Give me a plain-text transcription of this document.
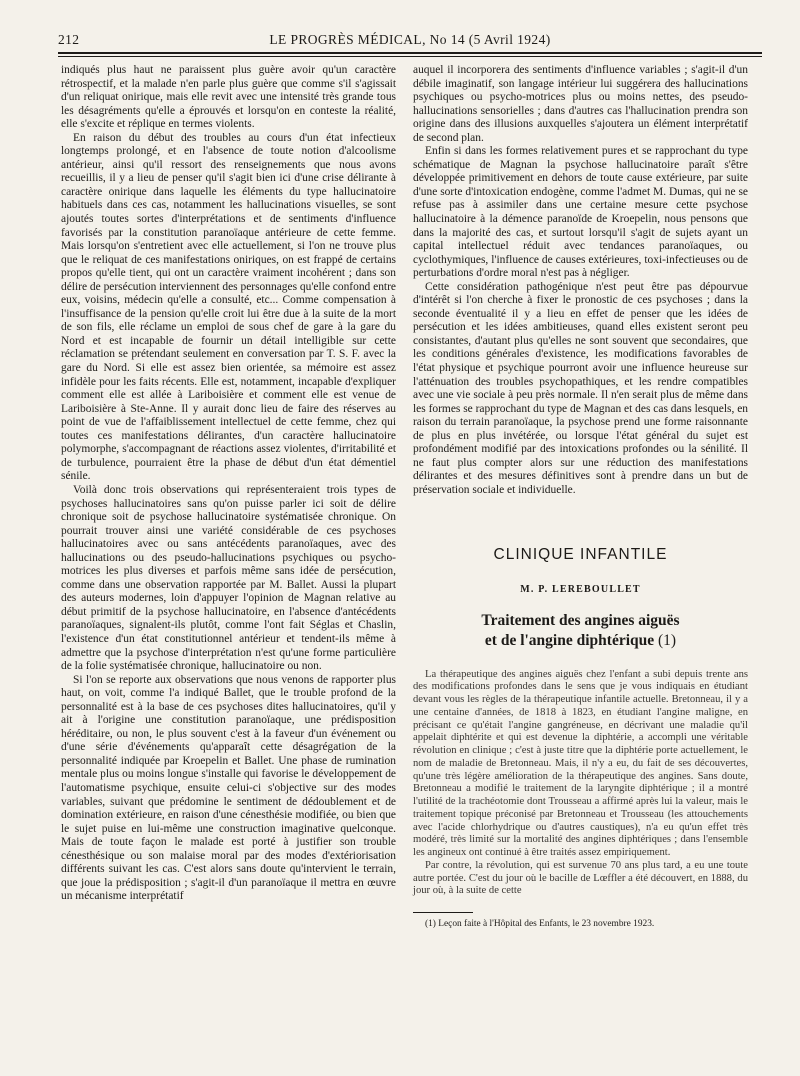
212	LE PROGRÈS MÉDICAL, No 14 (5 Avril 1924)

indiqués plus haut ne paraissent plus guère avoir qu'un caractère rétrospectif, et la malade n'en parle plus guère que comme s'il s'agissait d'un reliquat onirique, mais elle revit avec une intensité très grande tous les désagréments qu'elle a éprouvés et lorsqu'on en conteste la réalité, elle s'excite et réplique en termes violents.

En raison du début des troubles au cours d'un état infectieux longtemps prolongé, et en l'absence de toute notion d'alcoolisme antérieur, ainsi qu'il ressort des renseignements que nous avons recueillis, il y a lieu de penser qu'il s'agit bien ici d'une crise délirante à caractère onirique dans laquelle les éléments du type hallucinatoire habituels dans ces cas, notamment les hallucinations visuelles, se sont ajoutés toutes sortes d'interprétations et de sentiments d'influence favorisés par la constitution paranoïaque antérieure de cette femme. Mais lorsqu'on s'entretient avec elle actuellement, si l'on ne trouve plus que le reliquat de ces manifestations oniriques, on est frappé de certains propos qu'elle tient, qui ont un caractère vraiment incohérent ; dans son délire de persécution interviennent des personnages qu'elle confond entre eux, voisins, médecin qu'elle a consulté, etc... Comme compensation à l'insuffisance de la pension qu'elle croit lui être due à la suite de la mort de son fils, elle réclame un emploi de sous chef de gare à la gare du Nord et est incapable de fournir un détail intelligible sur cette réclamation se prétendant seulement en conversation par T. S. F. avec la gare du Nord. Si elle est assez bien orientée, sa mémoire est assez infidèle pour les faits récents. Elle est, notamment, incapable d'expliquer comment elle est allée à Lariboisière et comment elle est venue de Lariboisière à Ste-Anne. Il y aurait donc lieu de faire des réserves au point de vue de l'affaiblissement intellectuel de cette femme, chez qui toutes ces manifestations délirantes, d'un caractère hallucinatoire polymorphe, s'accompagnant de réactions assez violentes, d'irritabilité et de turbulence, pourraient être la phase de début d'un état démentiel sénile.

Voilà donc trois observations qui représenteraient trois types de psychoses hallucinatoires sans qu'on puisse parler ici soit de délire chronique soit de psychose hallucinatoire systématisée chronique. On pourrait trouver ainsi une variété considérable de ces psychoses hallucinatoires avec ou sans antécédents paranoïaques, avec des hallucinations ou des pseudo-hallucinations psychiques ou psycho-motrices les plus diverses et parfois même sans idée de persécution, comme dans une observation rapportée par M. Ballet. Aussi la plupart des auteurs modernes, loin d'appuyer l'opinion de Magnan relative au début primitif de la psychose hallucinatoire, en l'absence d'antécédents paranoïaques, signalent-ils plutôt, comme l'ont fait Séglas et Chaslin, l'existence d'un état constitutionnel antérieur et tendent-ils même à admettre que la psychose d'interprétation n'est qu'une forme particulière de la folie systématisée chronique, hallucinatoire ou non.

Si l'on se reporte aux observations que nous venons de rapporter plus haut, on voit, comme l'a indiqué Ballet, que le trouble profond de la personnalité est à la base de ces psychoses dites hallucinatoires, qu'il y ait à l'origine une constitution paranoïaque, une prédisposition héréditaire, ou non, le plus souvent c'est à la faveur d'un événement ou d'une série d'événements qu'apparaît cette désagrégation de la personnalité indiquée par Kroepelin et Ballet. Une phase de rumination mentale plus ou moins longue s'installe qui favorise le développement de l'automatisme psychique, ensuite celui-ci s'objective sur des modes variables, suivant que prédomine le sentiment de dédoublement et de domination extérieure, en raison d'une cénesthésie modifiée, ou bien que le sujet puise en lui-même une construction imaginative quelconque. Mais de toute façon le malade est porté à justifier son trouble cénesthésique ou son malaise moral par des modes d'extériorisation différents suivant les cas. C'est alors sans doute qu'intervient le terrain, que joue la prédisposition ; s'agit-il d'un paranoïaque il mettra en œuvre un mécanisme interprétatif

auquel il incorporera des sentiments d'influence variables ; s'agit-il d'un débile imaginatif, son langage intérieur lui suggérera des hallucinations psychiques ou psycho-motrices plus ou moins nettes, des pseudo-hallucinations sensorielles ; dans d'autres cas l'hallucination prendra son origine dans des illusions auxquelles s'ajoutera un élément interprétatif de second plan.

Enfin si dans les formes relativement pures et se rapprochant du type schématique de Magnan la psychose hallucinatoire paraît s'être développée primitivement en dehors de toute cause extérieure, par suite d'une sorte d'intoxication endogène, comme l'admet M. Dumas, qui ne se refuse pas à assimiler dans une certaine mesure cette psychose hallucinatoire à la démence paranoïde de Kroepelin, nous pensons que dans la majorité des cas, et surtout lorsqu'il s'agit de sujets ayant un capital intellectuel réduit avec tendances paranoïaques, ou cyclothymiques, l'influence de causes extérieures, toxi-infectieuses ou de perturbations d'ordre moral n'est pas à négliger.

Cette considération pathogénique n'est peut être pas dépourvue d'intérêt si l'on cherche à fixer le pronostic de ces psychoses ; dans la seconde éventualité il y a lieu en effet de penser que les idées de persécution et les idées ambitieuses, quand elles existent seront peu consistantes, d'autant plus qu'elles ne sont souvent que secondaires, que les conditions générales d'existence, les modifications favorables de l'état physique et psychique pourront avoir une influence heureuse sur l'atténuation des troubles psychopathiques, et les rendre compatibles avec une vie sociale à peu près normale. Il n'en serait plus de même dans les formes se rapprochant du type de Magnan et des cas dans lesquels, en raison du terrain paranoïaque, la psychose prend une forme raisonnante de plus en plus invétérée, ou lorsque l'état général du sujet est profondément modifié par des intoxications profondes ou la sénilité. Il ne faut plus compter alors sur une réduction des manifestations délirantes et des mesures définitives sont à prendre dans un but de préservation sociale et individuelle.

CLINIQUE INFANTILE
M. P. LEREBOULLET
Traitement des angines aiguës
et de l'angine diphtérique (1)

La thérapeutique des angines aiguës chez l'enfant a subi depuis trente ans des modifications profondes dans le sens que je vous indiquais en étudiant devant vous les règles de la thérapeutique infantile actuelle. Bretonneau, il y a une centaine d'années, de 1818 à 1823, en étudiant l'angine maligne, en précisant ce qu'était l'angine gangréneuse, en décrivant une maladie qu'il appelait diphtérite et qui est devenue la diphtérie, a accompli une véritable révolution en clinique ; c'est à juste titre que la diphtérie porte actuellement, le nom de maladie de Bretonneau. Mais, il n'y a eu, du fait de ses découvertes, qu'une très légère amélioration de la thérapeutique des angines. Sans doute, Bretonneau a modifié le traitement de la laryngite diphtérique ; il a montré l'utilité de la trachéotomie dont Trousseau a affirmé après lui la valeur, mais le traitement topique préconisé par Bretonneau et Trousseau (les attouchements avec l'acide chlorhydrique ou d'autres caustiques), n'a eu qu'un effet très modéré, très limité sur la mortalité des angines diphtériques ; dans l'ensemble les angineux ont continué à être traités assez empiriquement.

Par contre, la révolution, qui est survenue 70 ans plus tard, a eu une toute autre portée. C'est du jour où le bacille de Lœffler a été découvert, en 1888, du jour où, à la suite de cette

(1) Leçon faite à l'Hôpital des Enfants, le 23 novembre 1923.
